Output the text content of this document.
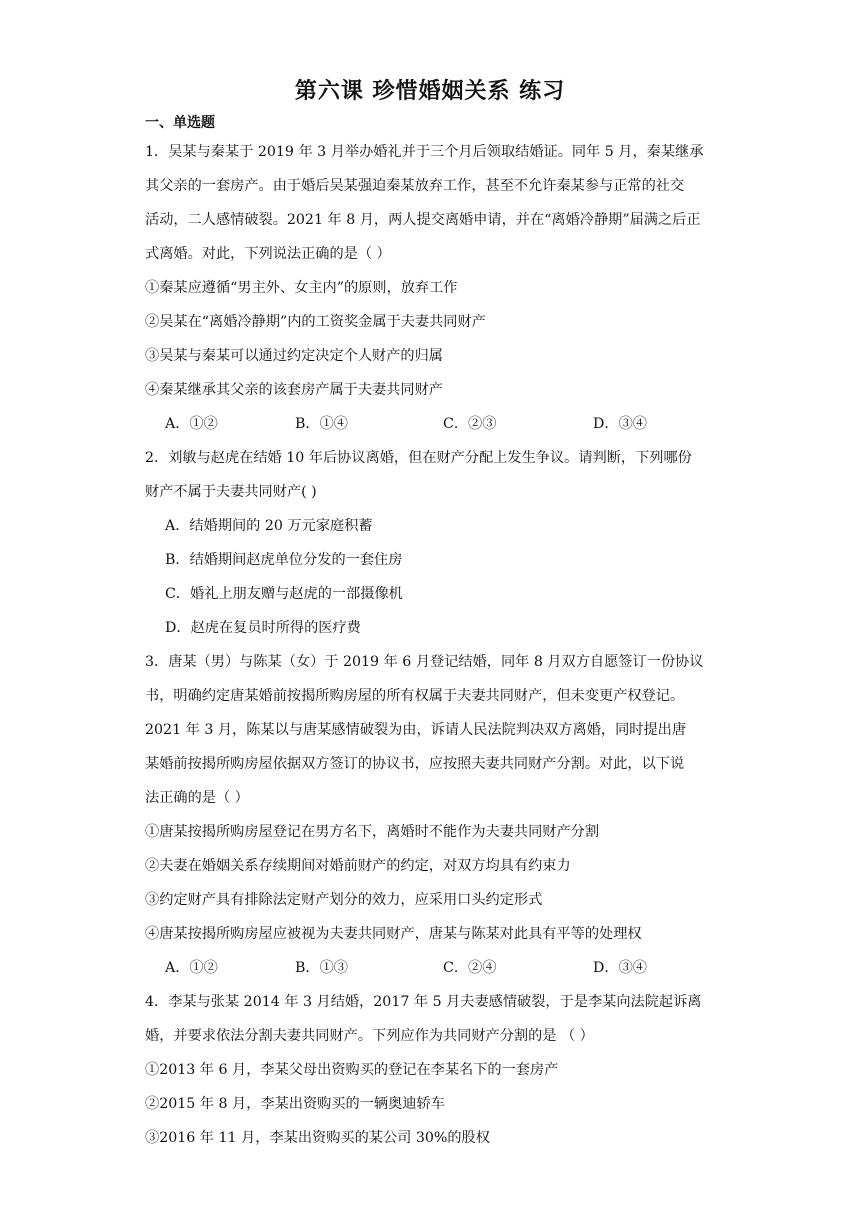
第六课 珍惜婚姻关系 练习
一、单选题
1．吴某与秦某于 2019 年 3 月举办婚礼并于三个月后领取结婚证。同年 5 月，秦某继承
其父亲的一套房产。由于婚后吴某强迫秦某放弃工作，甚至不允许秦某参与正常的社交
活动，二人感情破裂。2021 年 8 月，两人提交离婚申请，并在“离婚冷静期”届满之后正
式离婚。对此，下列说法正确的是（ ）
①秦某应遵循“男主外、女主内”的原则，放弃工作
②吴某在“离婚冷静期”内的工资奖金属于夫妻共同财产
③吴某与秦某可以通过约定决定个人财产的归属
④秦某继承其父亲的该套房产属于夫妻共同财产
A．①②	B．①④	C．②③	D．③④
2．刘敏与赵虎在结婚 10 年后协议离婚，但在财产分配上发生争议。请判断，下列哪份
财产不属于夫妻共同财产( )
A．结婚期间的 20 万元家庭积蓄
B．结婚期间赵虎单位分发的一套住房
C．婚礼上朋友赠与赵虎的一部摄像机
D．赵虎在复员时所得的医疗费
3．唐某（男）与陈某（女）于 2019 年 6 月登记结婚，同年 8 月双方自愿签订一份协议
书，明确约定唐某婚前按揭所购房屋的所有权属于夫妻共同财产，但未变更产权登记。
2021 年 3 月，陈某以与唐某感情破裂为由，诉请人民法院判决双方离婚，同时提出唐
某婚前按揭所购房屋依据双方签订的协议书，应按照夫妻共同财产分割。对此，以下说
法正确的是（ ）
①唐某按揭所购房屋登记在男方名下，离婚时不能作为夫妻共同财产分割
②夫妻在婚姻关系存续期间对婚前财产的约定，对双方均具有约束力
③约定财产具有排除法定财产划分的效力，应采用口头约定形式
④唐某按揭所购房屋应被视为夫妻共同财产，唐某与陈某对此具有平等的处理权
A．①②	B．①③	C．②④	D．③④
4．李某与张某 2014 年 3 月结婚，2017 年 5 月夫妻感情破裂，于是李某向法院起诉离
婚，并要求依法分割夫妻共同财产。下列应作为共同财产分割的是 （ ）
①2013 年 6 月，李某父母出资购买的登记在李某名下的一套房产
②2015 年 8 月，李某出资购买的一辆奥迪轿车
③2016 年 11 月，李某出资购买的某公司 30%的股权
